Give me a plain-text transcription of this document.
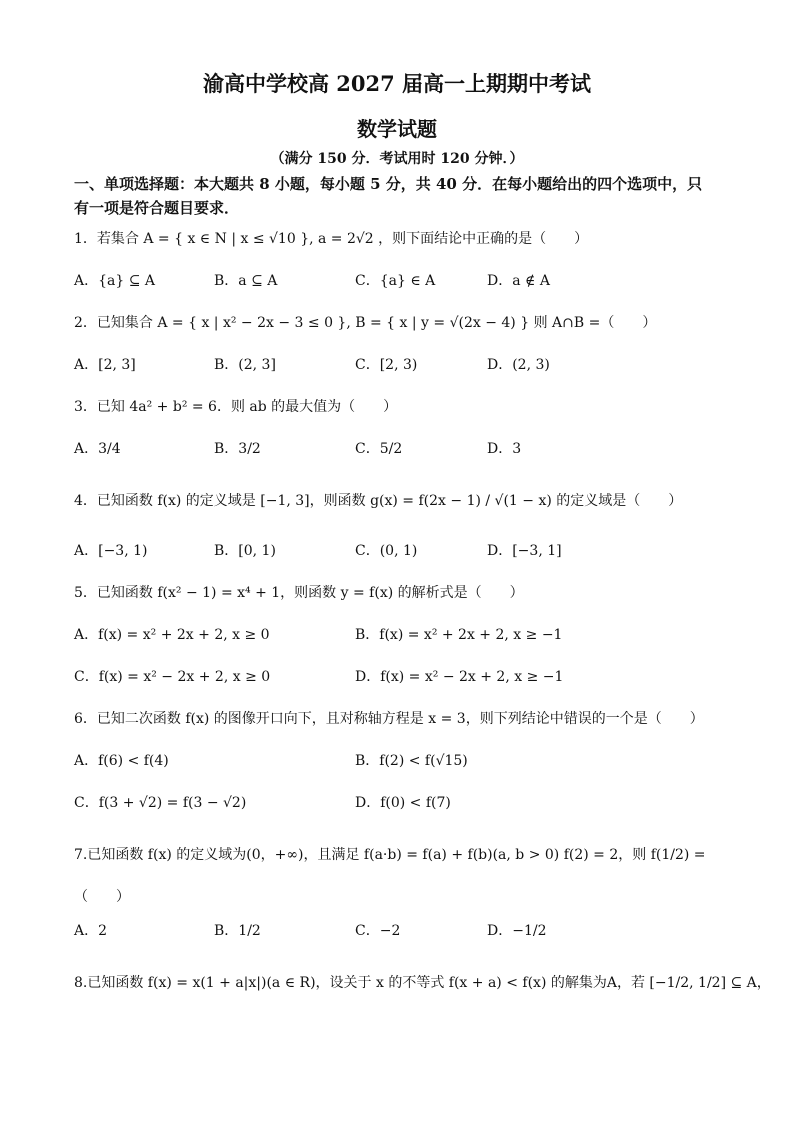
渝高中学校高 2027 届高一上期期中考试
数学试题
（满分 150 分．考试用时 120 分钟．）
一、单项选择题：本大题共 8 小题，每小题 5 分，共 40 分．在每小题给出的四个选项中，只
有一项是符合题目要求．
1．若集合 A = { x ∈ N | x ≤ √10 }, a = 2√2 ，则下面结论中正确的是（　　）
A．{a} ⊆ A	B．a ⊆ A	C．{a} ∈ A	D．a ∉ A
2．已知集合 A = { x | x² − 2x − 3 ≤ 0 }, B = { x | y = √(2x − 4) } 则 A∩B =（　　）
A．[2, 3]	B．(2, 3]	C．[2, 3)	D．(2, 3)
3．已知 4a² + b² = 6．则 ab 的最大值为（　　）
A．3/4	B．3/2	C．5/2	D．3
4．已知函数 f(x) 的定义域是 [−1, 3]，则函数 g(x) = f(2x − 1) / √(1 − x) 的定义域是（　　）
A．[−3, 1)	B．[0, 1)	C．(0, 1)	D．[−3, 1]
5．已知函数 f(x² − 1) = x⁴ + 1，则函数 y = f(x) 的解析式是（　　）
A．f(x) = x² + 2x + 2, x ≥ 0	B．f(x) = x² + 2x + 2, x ≥ −1
C．f(x) = x² − 2x + 2, x ≥ 0	D．f(x) = x² − 2x + 2, x ≥ −1
6．已知二次函数 f(x) 的图像开口向下，且对称轴方程是 x = 3，则下列结论中错误的一个是（　　）
A．f(6) < f(4)	B．f(2) < f(√15)
C．f(3 + √2) = f(3 − √2)	D．f(0) < f(7)
7.已知函数 f(x) 的定义域为(0，+∞)，且满足 f(a·b) = f(a) + f(b)(a, b > 0) f(2) = 2，则 f(1/2) =
（　　）
A．2	B．1/2	C．−2	D．−1/2
8.已知函数 f(x) = x(1 + a|x|)(a ∈ R)，设关于 x 的不等式 f(x + a) < f(x) 的解集为A，若 [−1/2, 1/2] ⊆ A，
